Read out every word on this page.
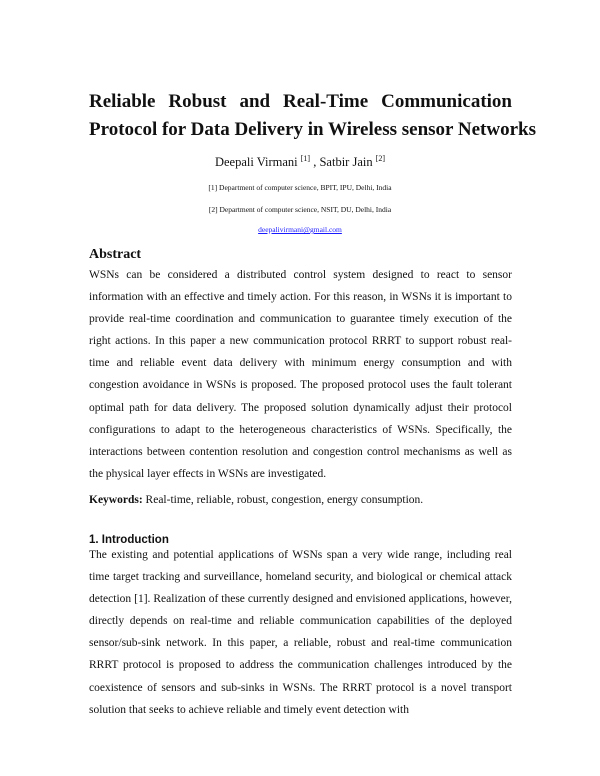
Reliable Robust and Real-Time Communication
Protocol for Data Delivery in Wireless sensor Networks

Deepali Virmani [1] , Satbir Jain [2]

[1] Department of computer science, BPIT, IPU, Delhi, India

[2] Department of computer science, NSIT, DU, Delhi, India

deepalivirmani@gmail.com

Abstract

WSNs can be considered a distributed control system designed to react to sensor information with an effective and timely action. For this reason, in WSNs it is important to provide real-time coordination and communication to guarantee timely execution of the right actions. In this paper a new communication protocol RRRT to support robust real-time and reliable event data delivery with minimum energy consumption and with congestion avoidance in WSNs is proposed. The proposed protocol uses the fault tolerant optimal path for data delivery. The proposed solution dynamically adjust their protocol configurations to adapt to the heterogeneous characteristics of WSNs. Specifically, the interactions between contention resolution and congestion control mechanisms as well as the physical layer effects in WSNs are investigated.

Keywords: Real-time, reliable, robust, congestion, energy consumption.

1. Introduction

The existing and potential applications of WSNs span a very wide range, including real time target tracking and surveillance, homeland security, and biological or chemical attack detection [1]. Realization of these currently designed and envisioned applications, however, directly depends on real-time and reliable communication capabilities of the deployed sensor/sub-sink network. In this paper, a reliable, robust and real-time communication RRRT protocol is proposed to address the communication challenges introduced by the coexistence of sensors and sub-sinks in WSNs. The RRRT protocol is a novel transport solution that seeks to achieve reliable and timely event detection with
